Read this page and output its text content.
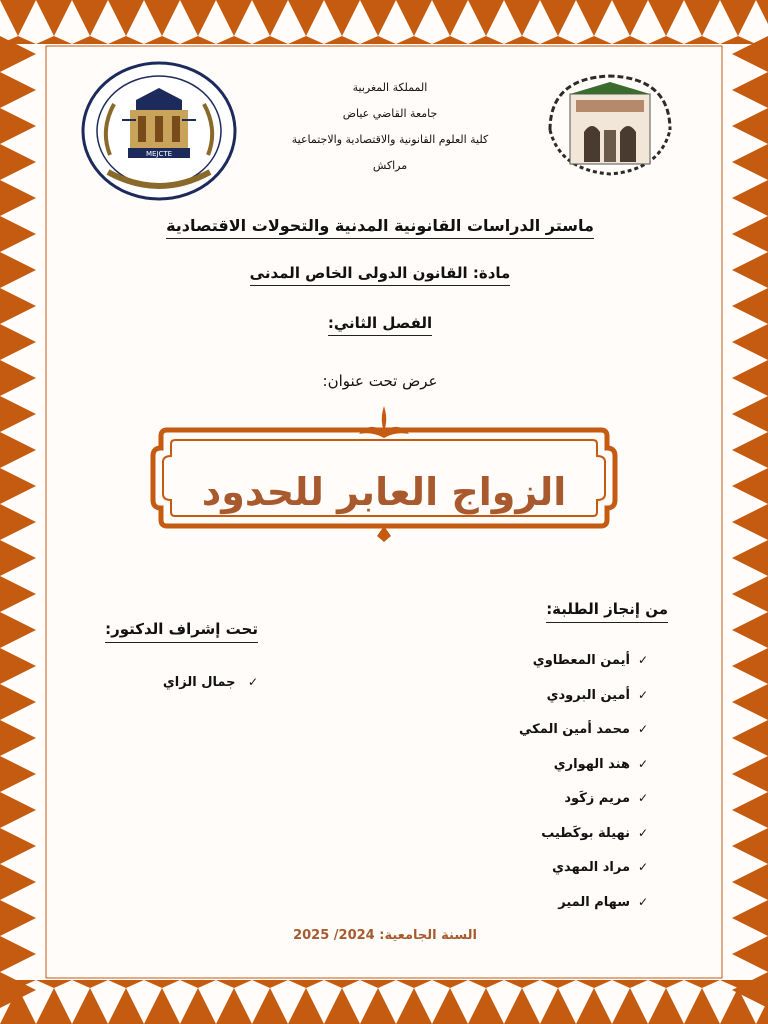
MEJCTE
المملكة المغربية
جامعة القاضي عياض
كلية العلوم القانونية والاقتصادية والاجتماعية
مراكش
ماستر الدراسات القانونية المدنية والتحولات الاقتصادية
مادة: القانون الدولى الخاص المدنى
الفصل الثاني:
عرض تحت عنوان:
الزواج العابر للحدود
من إنجاز الطلبة:
✓أيمن المعطاوي
✓أمين البرودي
✓محمد أمين المكي
✓هند الهواري
✓مريم زكَود
✓نهيلة بوكَطيب
✓مراد المهدي
✓سهام المير
تحت إشراف الدكتور:
✓ جمال الزاي
السنة الجامعية: 2024/ 2025
